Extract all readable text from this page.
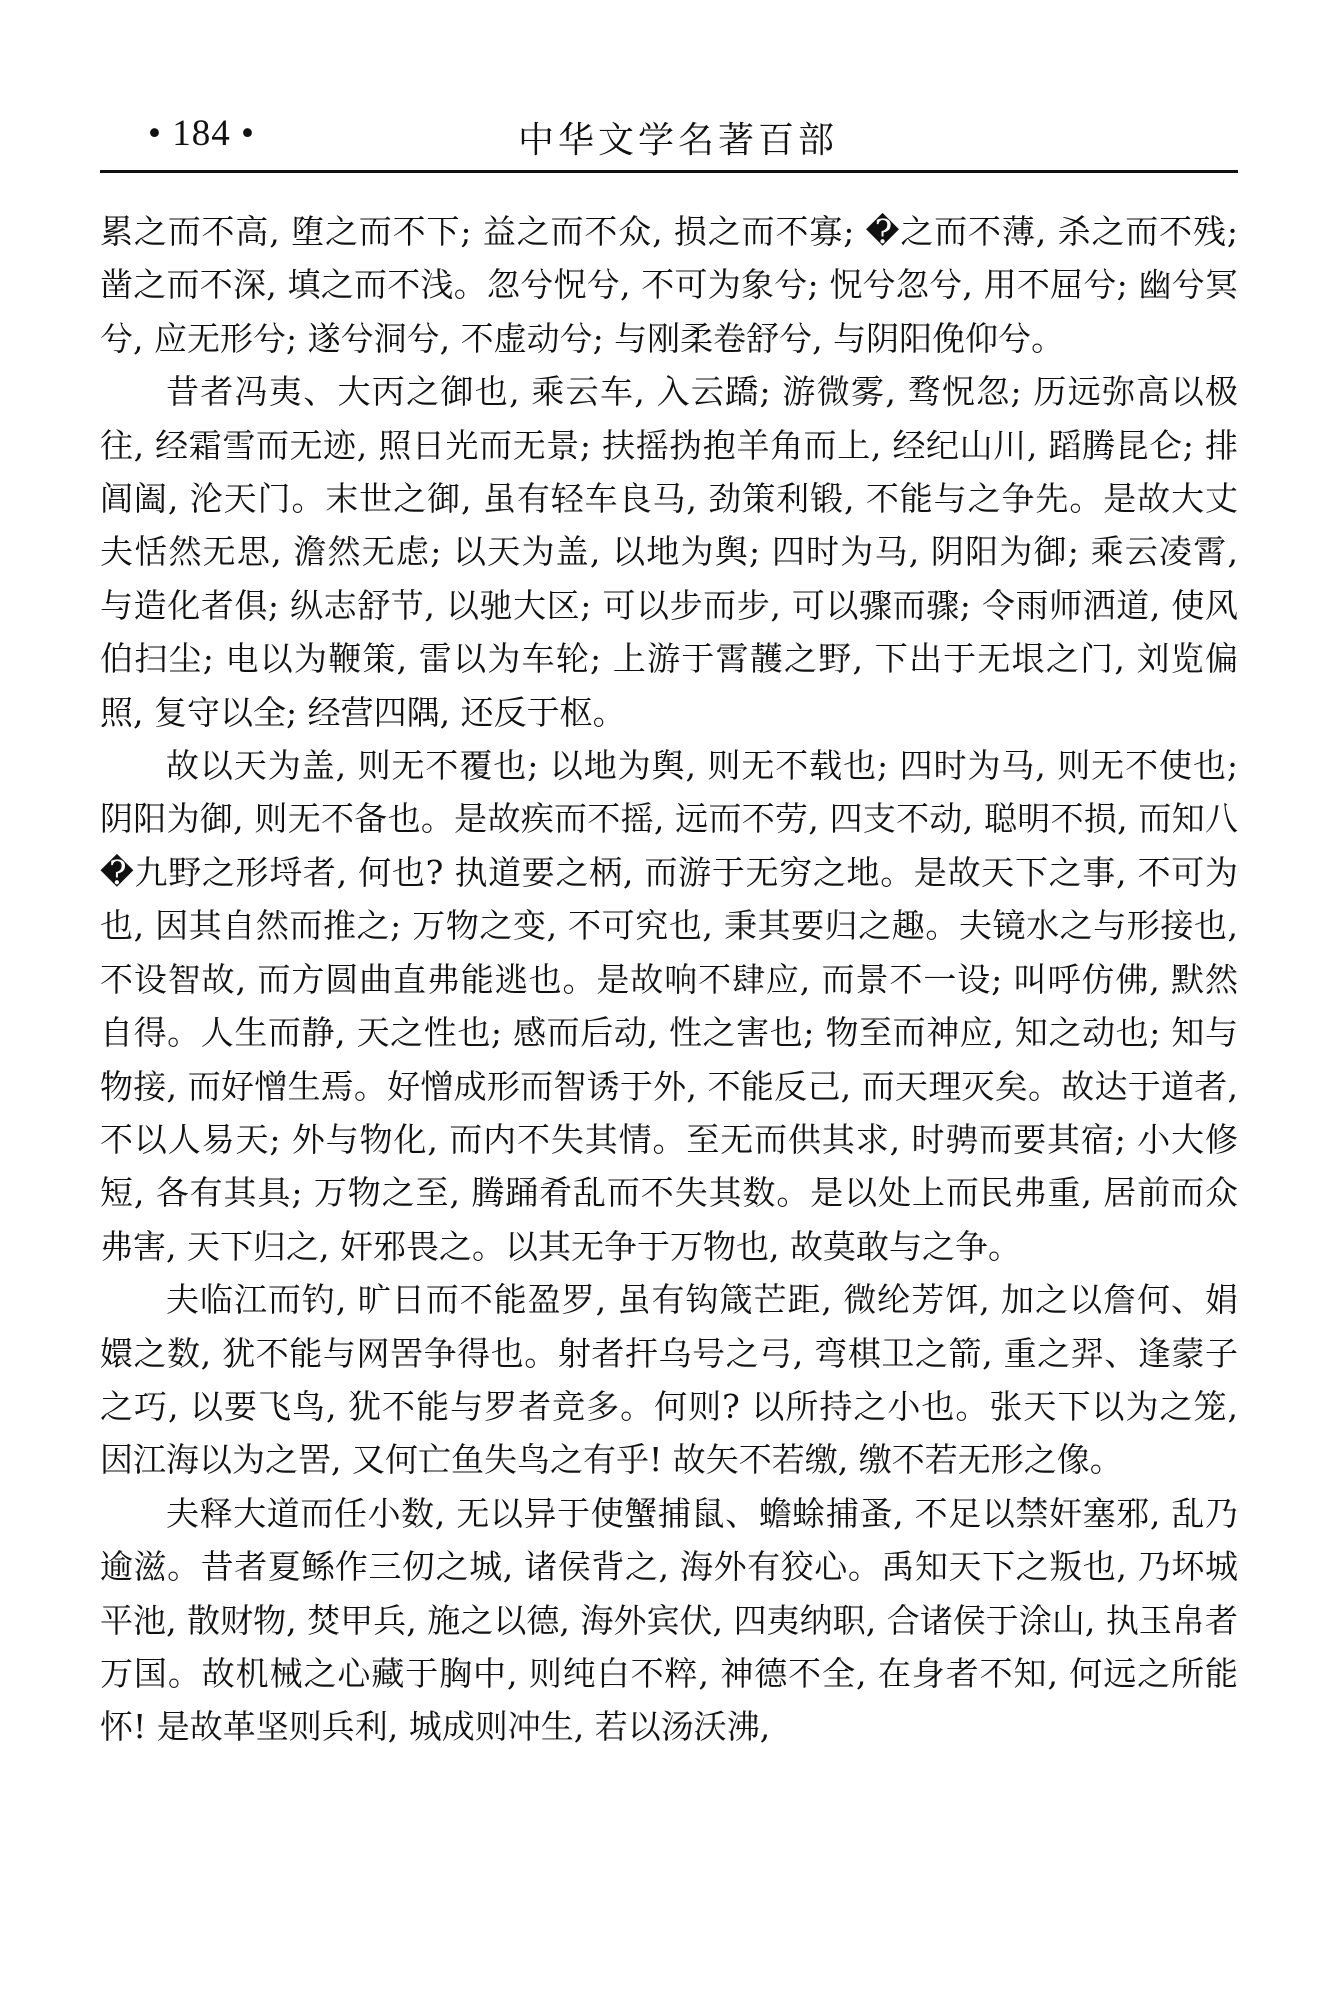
• 184 •	中华文学名著百部

累之而不高, 堕之而不下; 益之而不众, 损之而不寡; �之而不薄, 杀之而不残; 凿之而不深, 填之而不浅。忽兮怳兮, 不可为象兮; 怳兮忽兮, 用不屈兮; 幽兮冥兮, 应无形兮; 遂兮洞兮, 不虚动兮; 与刚柔卷舒兮, 与阴阳俛仰兮。

昔者冯夷、大丙之御也, 乘云车, 入云蹻; 游微雾, 骛怳忽; 历远弥高以极往, 经霜雪而无迹, 照日光而无景; 扶摇㧑抱羊角而上, 经纪山川, 蹈腾昆仑; 排阊阖, 沦天门。末世之御, 虽有轻车良马, 劲策利锻, 不能与之争先。是故大丈夫恬然无思, 澹然无虑; 以天为盖, 以地为舆; 四时为马, 阴阳为御; 乘云凌霄, 与造化者俱; 纵志舒节, 以驰大区; 可以步而步, 可以骤而骤; 令雨师洒道, 使风伯扫尘; 电以为鞭策, 雷以为车轮; 上游于霄䨼之野, 下出于无垠之门, 刘览偏照, 复守以全; 经营四隅, 还反于枢。

故以天为盖, 则无不覆也; 以地为舆, 则无不载也; 四时为马, 则无不使也; 阴阳为御, 则无不备也。是故疾而不摇, 远而不劳, 四支不动, 聪明不损, 而知八�九野之形埒者, 何也? 执道要之柄, 而游于无穷之地。是故天下之事, 不可为也, 因其自然而推之; 万物之变, 不可究也, 秉其要归之趣。夫镜水之与形接也, 不设智故, 而方圆曲直弗能逃也。是故响不肆应, 而景不一设; 叫呼仿佛, 默然自得。人生而静, 天之性也; 感而后动, 性之害也; 物至而神应, 知之动也; 知与物接, 而好憎生焉。好憎成形而智诱于外, 不能反己, 而天理灭矣。故达于道者, 不以人易天; 外与物化, 而内不失其情。至无而供其求, 时骋而要其宿; 小大修短, 各有其具; 万物之至, 腾踊肴乱而不失其数。是以处上而民弗重, 居前而众弗害, 天下归之, 奸邪畏之。以其无争于万物也, 故莫敢与之争。

夫临江而钓, 旷日而不能盈罗, 虽有钩箴芒距, 微纶芳饵, 加之以詹何、娟嬛之数, 犹不能与网罟争得也。射者扞乌号之弓, 弯棋卫之箭, 重之羿、逢蒙子之巧, 以要飞鸟, 犹不能与罗者竞多。何则? 以所持之小也。张天下以为之笼, 因江海以为之罟, 又何亡鱼失鸟之有乎! 故矢不若缴, 缴不若无形之像。

夫释大道而任小数, 无以异于使蟹捕鼠、蟾蜍捕蚤, 不足以禁奸塞邪, 乱乃逾滋。昔者夏鲧作三仞之城, 诸侯背之, 海外有狡心。禹知天下之叛也, 乃坏城平池, 散财物, 焚甲兵, 施之以德, 海外宾伏, 四夷纳职, 合诸侯于涂山, 执玉帛者万国。故机械之心藏于胸中, 则纯白不粹, 神德不全, 在身者不知, 何远之所能怀! 是故革坚则兵利, 城成则冲生, 若以汤沃沸,
